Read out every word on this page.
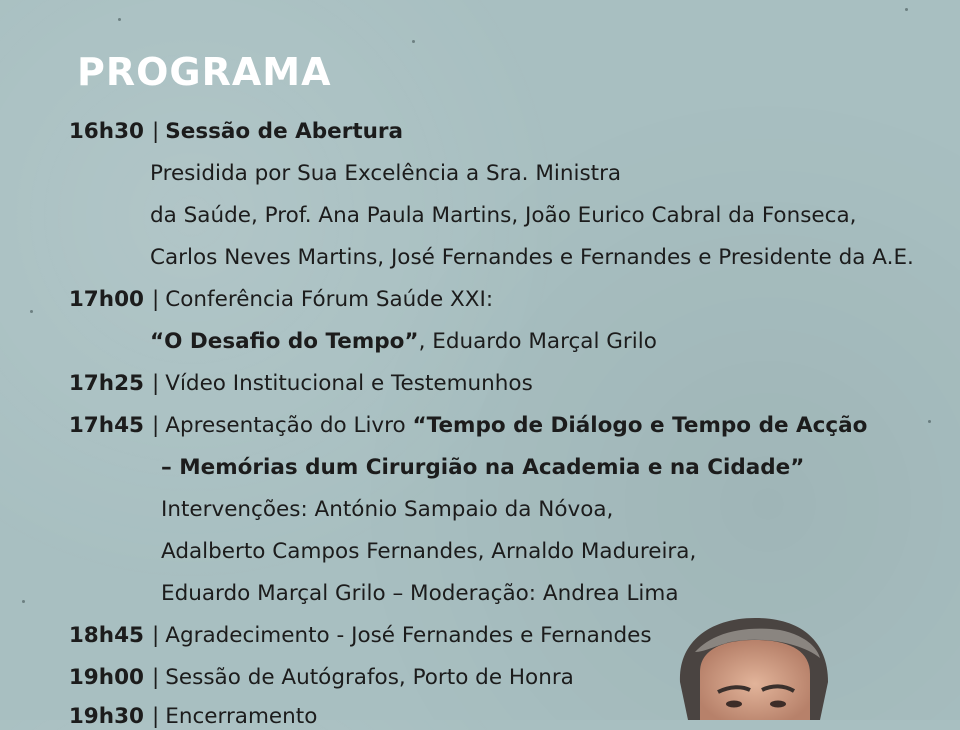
PROGRAMA
16h30 | Sessão de Abertura
Presidida por Sua Excelência a Sra. Ministra
da Saúde, Prof. Ana Paula Martins, João Eurico Cabral da Fonseca,
Carlos Neves Martins, José Fernandes e Fernandes e Presidente da A.E.
17h00 | Conferência Fórum Saúde XXI:
“O Desafio do Tempo”, Eduardo Marçal Grilo
17h25 | Vídeo Institucional e Testemunhos
17h45 | Apresentação do Livro “Tempo de Diálogo e Tempo de Acção
– Memórias dum Cirurgião na Academia e na Cidade”
Intervenções: António Sampaio da Nóvoa,
Adalberto Campos Fernandes, Arnaldo Madureira,
Eduardo Marçal Grilo – Moderação: Andrea Lima
18h45 | Agradecimento - José Fernandes e Fernandes
19h00 | Sessão de Autógrafos, Porto de Honra
19h30 | Encerramento
